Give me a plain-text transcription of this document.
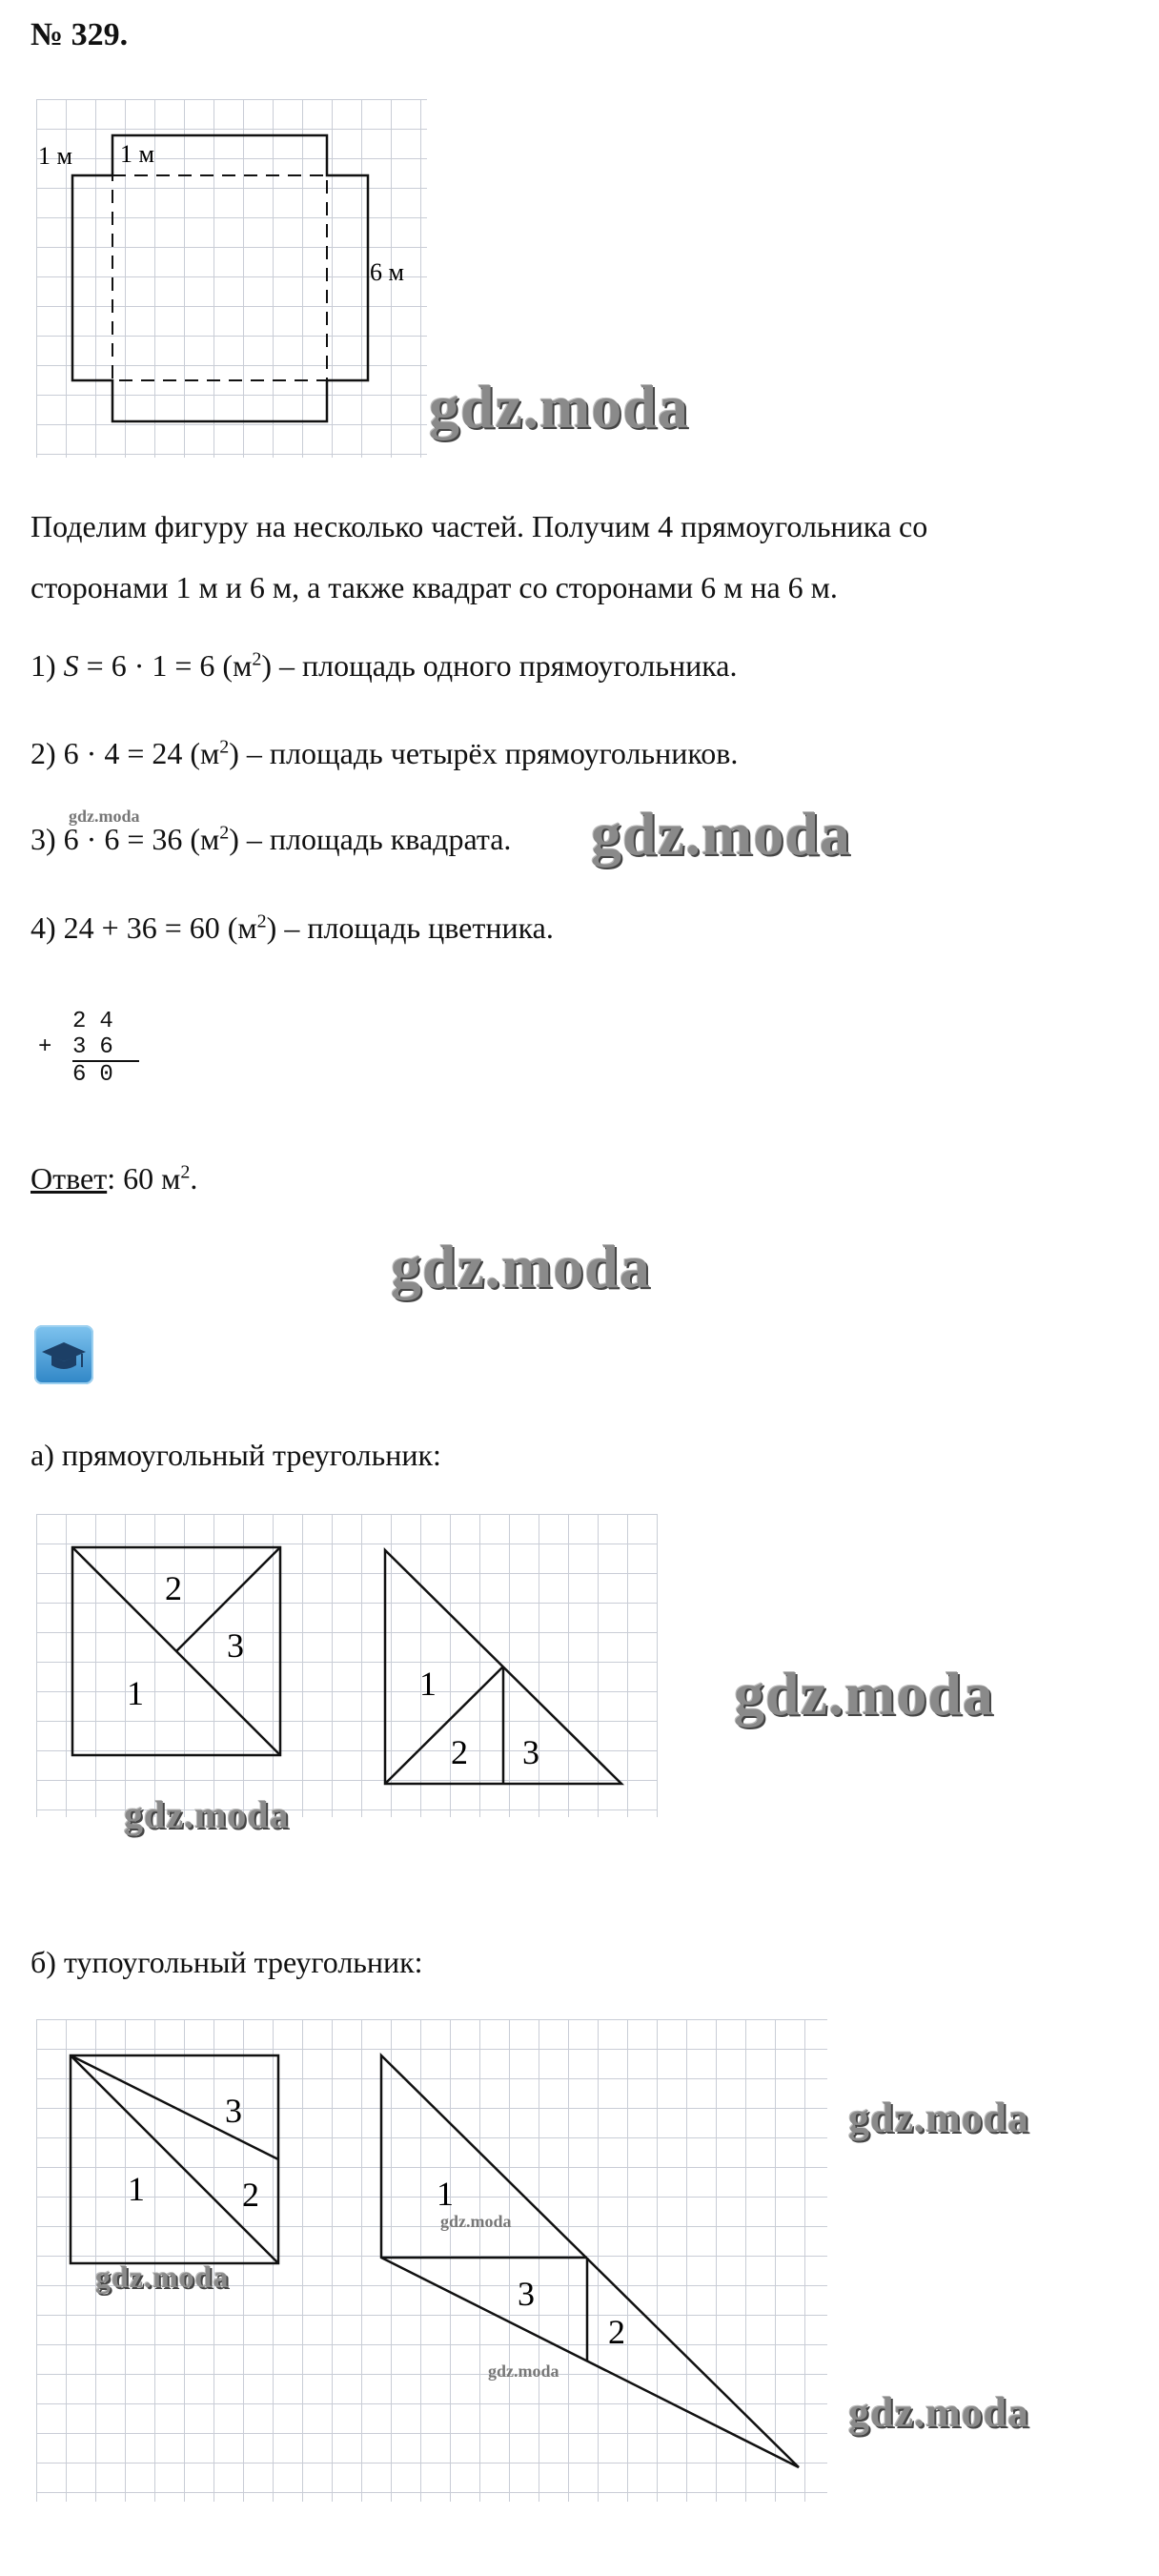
№ 329.
1 м 1 м
6 м
gdz.moda
Поделим фигуру на несколько частей. Получим 4 прямоугольника со
сторонами 1 м и 6 м, а также квадрат со сторонами 6 м на 6 м.
1) S = 6 · 1 = 6 $(м^2)$ – площадь одного прямоугольника.
2) 6 · 4 = 24 $(м^2)$ – площадь четырёх прямоугольников.
gdz.moda
3) 6 · 6 = 36 $(м^2)$ – площадь квадрата. gdz.moda
4) 24 + 36 = 60 $(м^2)$ – площадь цветника.
24
+ 36
60
Ответ: 60 $м^2$.
gdz.moda
а) прямоугольный треугольник:
2
3
1	1
2 3
gdz.moda
gdz.moda
б) тупоугольный треугольник:
3
1	2	1
3
2
gdz.moda
gdz.moda
gdz.moda
gdz.moda
gdz.moda
